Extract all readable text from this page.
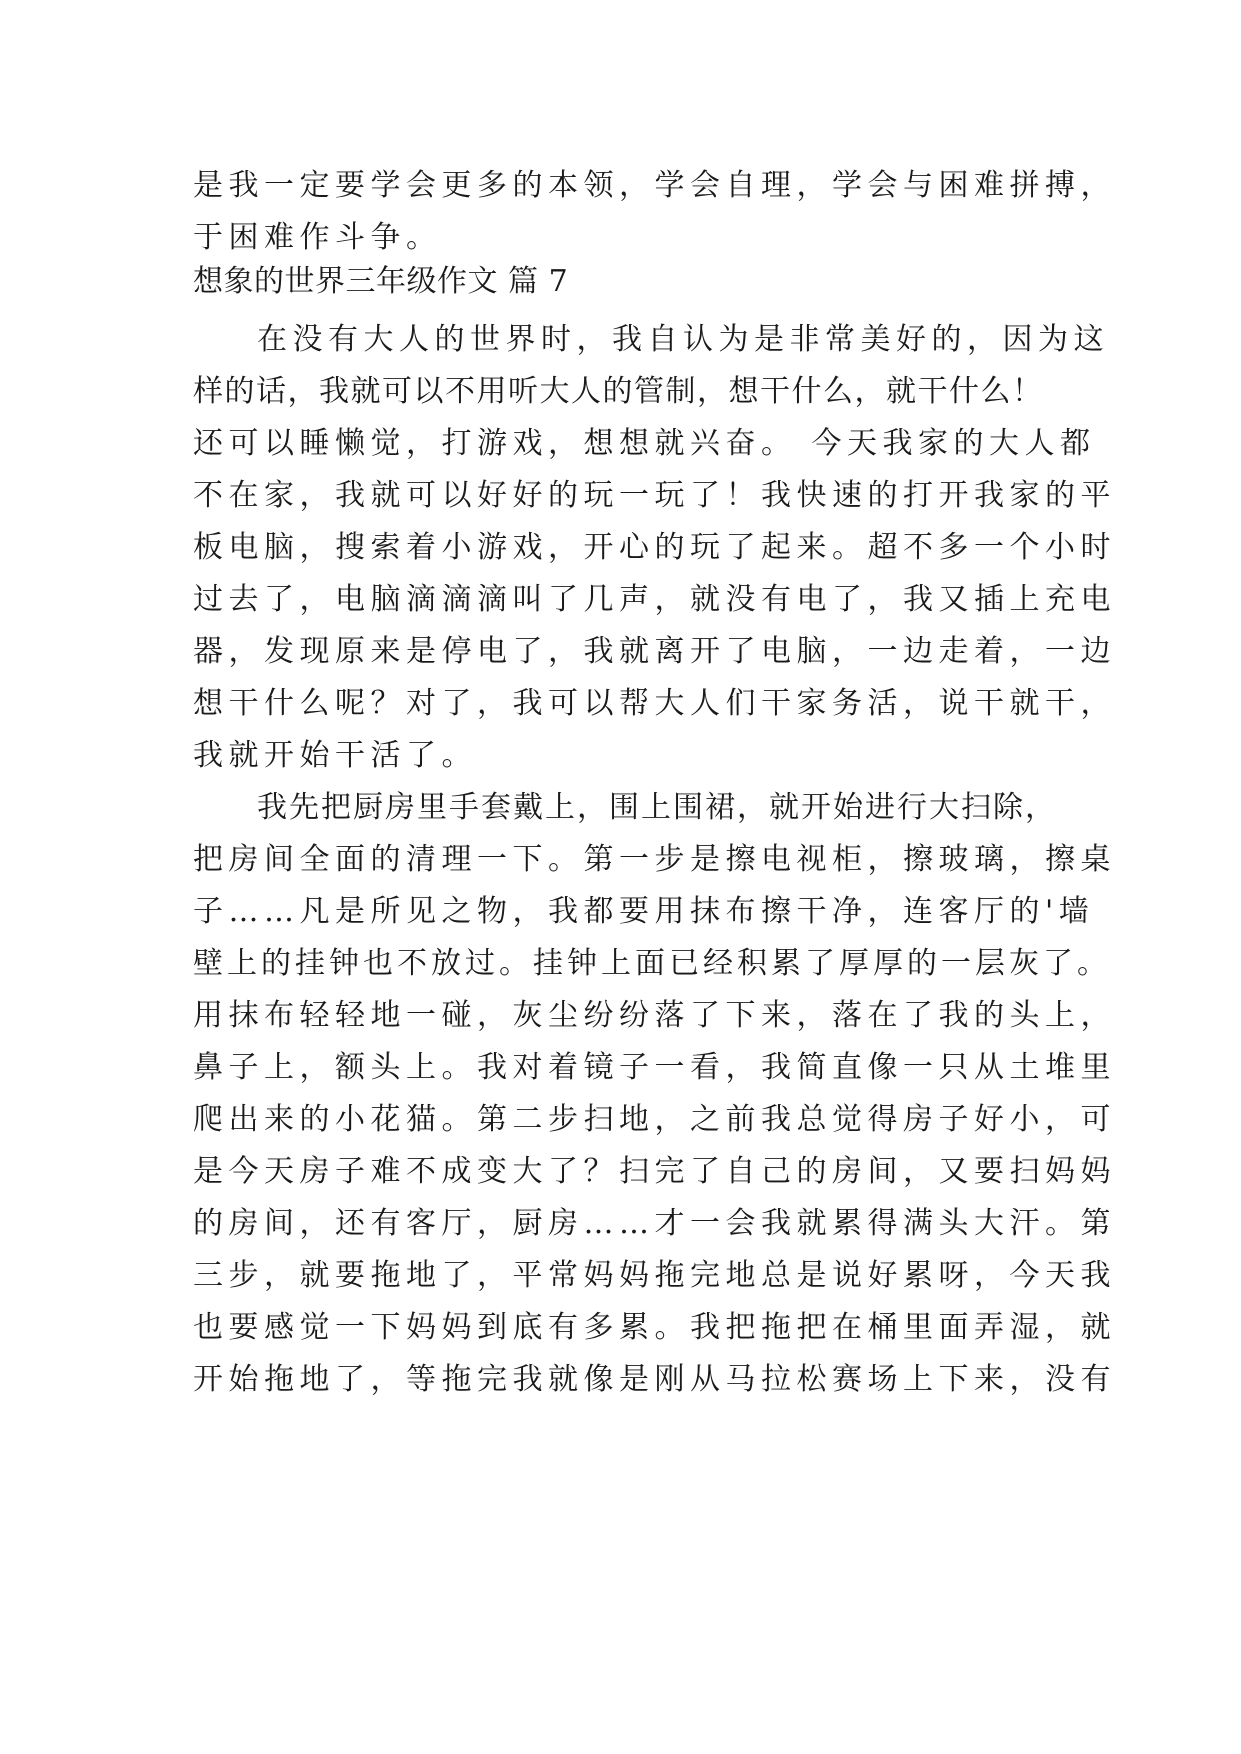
是我一定要学会更多的本领，学会自理，学会与困难拼搏，
于困难作斗争。
想象的世界三年级作文 篇 7
在没有大人的世界时，我自认为是非常美好的，因为这
样的话，我就可以不用听大人的管制，想干什么，就干什么！
还可以睡懒觉，打游戏，想想就兴奋。 今天我家的大人都
不在家，我就可以好好的玩一玩了！我快速的打开我家的平
板电脑，搜索着小游戏，开心的玩了起来。超不多一个小时
过去了，电脑滴滴滴叫了几声，就没有电了，我又插上充电
器，发现原来是停电了，我就离开了电脑，一边走着，一边
想干什么呢？对了，我可以帮大人们干家务活，说干就干，
我就开始干活了。
我先把厨房里手套戴上，围上围裙，就开始进行大扫除，
把房间全面的清理一下。第一步是擦电视柜，擦玻璃，擦桌
子……凡是所见之物，我都要用抹布擦干净，连客厅的'墙
壁上的挂钟也不放过。挂钟上面已经积累了厚厚的一层灰了。
用抹布轻轻地一碰，灰尘纷纷落了下来，落在了我的头上，
鼻子上，额头上。我对着镜子一看，我简直像一只从土堆里
爬出来的小花猫。第二步扫地，之前我总觉得房子好小，可
是今天房子难不成变大了？扫完了自己的房间，又要扫妈妈
的房间，还有客厅，厨房……才一会我就累得满头大汗。第
三步，就要拖地了，平常妈妈拖完地总是说好累呀，今天我
也要感觉一下妈妈到底有多累。我把拖把在桶里面弄湿，就
开始拖地了，等拖完我就像是刚从马拉松赛场上下来，没有
